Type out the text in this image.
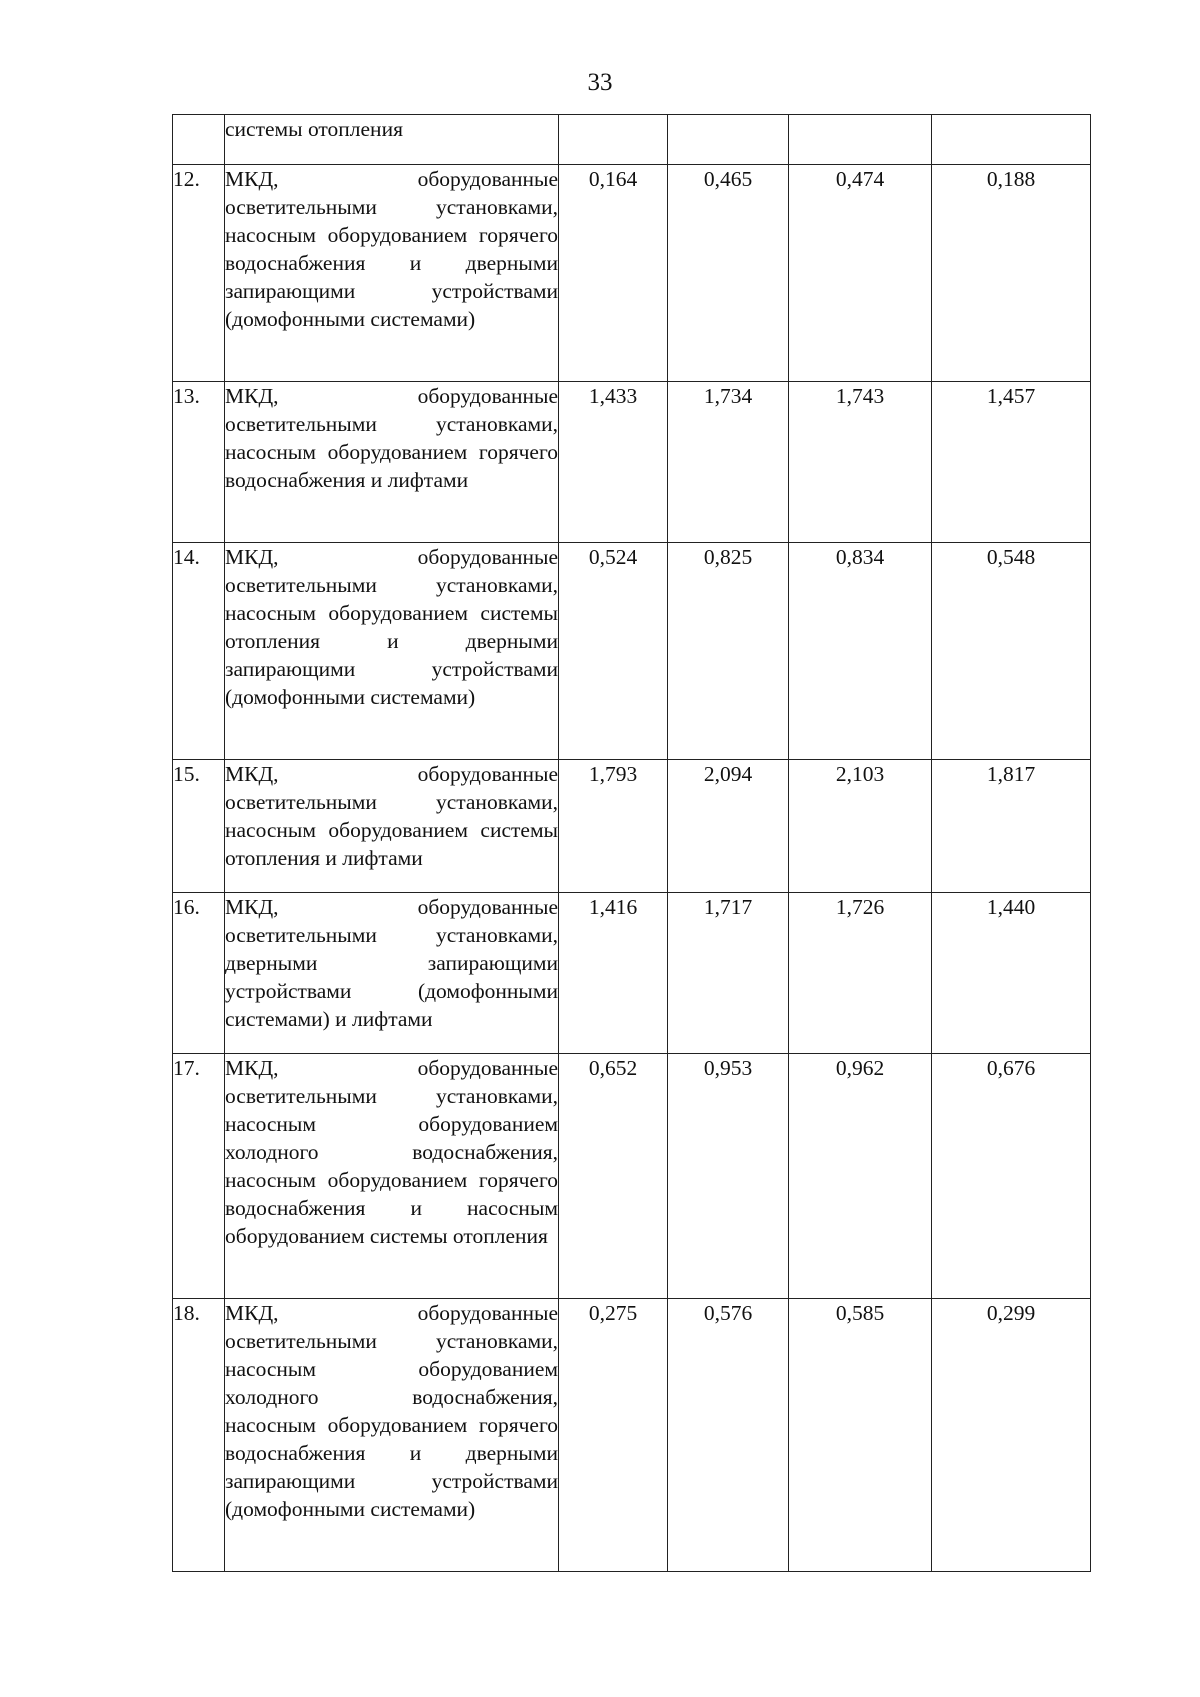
33
	системы отопления				
12.	МКД, оборудованные осветительными установками, насосным оборудованием горячего водоснабжения и дверными запирающими устройствами (домофонными системами)	0,164	0,465	0,474	0,188
13.	МКД, оборудованные осветительными установками, насосным оборудованием горячего водоснабжения и лифтами	1,433	1,734	1,743	1,457
14.	МКД, оборудованные осветительными установками, насосным оборудованием системы отопления и дверными запирающими устройствами (домофонными системами)	0,524	0,825	0,834	0,548
15.	МКД, оборудованные осветительными установками, насосным оборудованием системы отопления и лифтами	1,793	2,094	2,103	1,817
16.	МКД, оборудованные осветительными установками, дверными запирающими устройствами (домофонными системами) и лифтами	1,416	1,717	1,726	1,440
17.	МКД, оборудованные осветительными установками, насосным оборудованием холодного водоснабжения, насосным оборудованием горячего водоснабжения и насосным оборудованием системы отопления	0,652	0,953	0,962	0,676
18.	МКД, оборудованные осветительными установками, насосным оборудованием холодного водоснабжения, насосным оборудованием горячего водоснабжения и дверными запирающими устройствами (домофонными системами)	0,275	0,576	0,585	0,299
